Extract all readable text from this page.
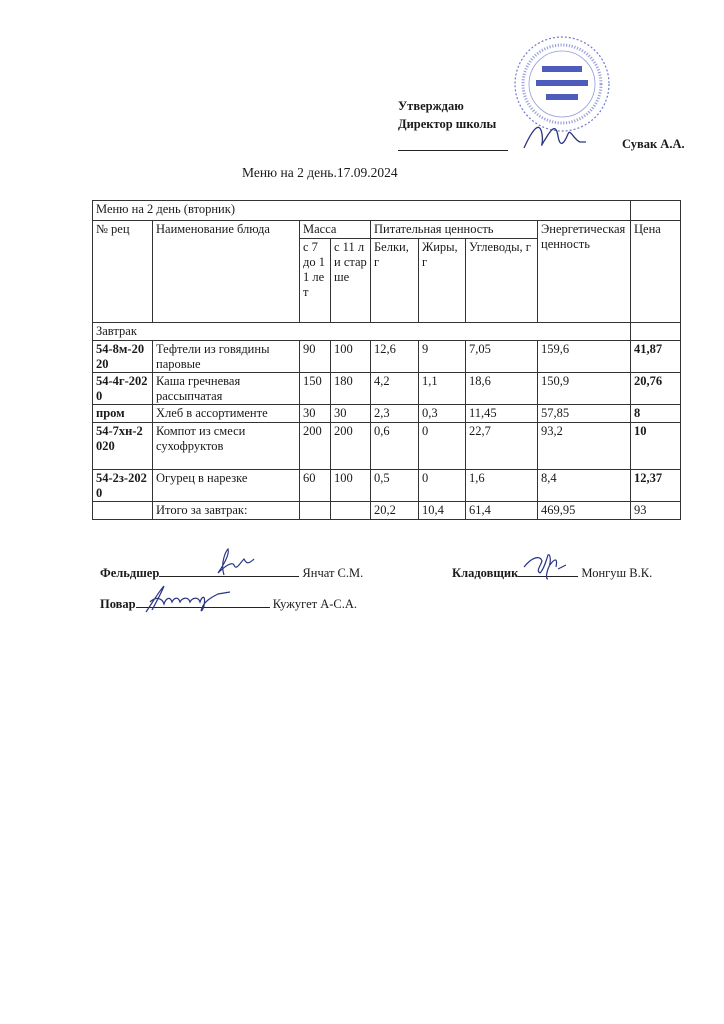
Утверждаю
Директор школы
Сувак А.А.
Меню на 2 день.17.09.2024
Меню на 2 день (вторник)								
№ рец	Наименование блюда	Масса		Питательная ценность			Энергетическая ценность	Цена
		с 7 до 11 лет	с 11 л и старше	Белки, г	Жиры, г	Углеводы, г		
Завтрак								
54-8м-2020	Тефтели из говядины паровые	90	100	12,6	9	7,05	159,6	41,87
54-4г-2020	Каша гречневая рассыпчатая	150	180	4,2	1,1	18,6	150,9	20,76
пром	Хлеб в ассортименте	30	30	2,3	0,3	11,45	57,85	8
54-7хн-2020	Компот из смеси сухофруктов	200	200	0,6	0	22,7	93,2	10
54-2з-2020	Огурец в нарезке	60	100	0,5	0	1,6	8,4	12,37
	Итого за завтрак:			20,2	10,4	61,4	469,95	93
Фельдшер	Янчат С.М.	Кладовщик	Монгуш В.К.
Повар	Кужугет А-С.А.
